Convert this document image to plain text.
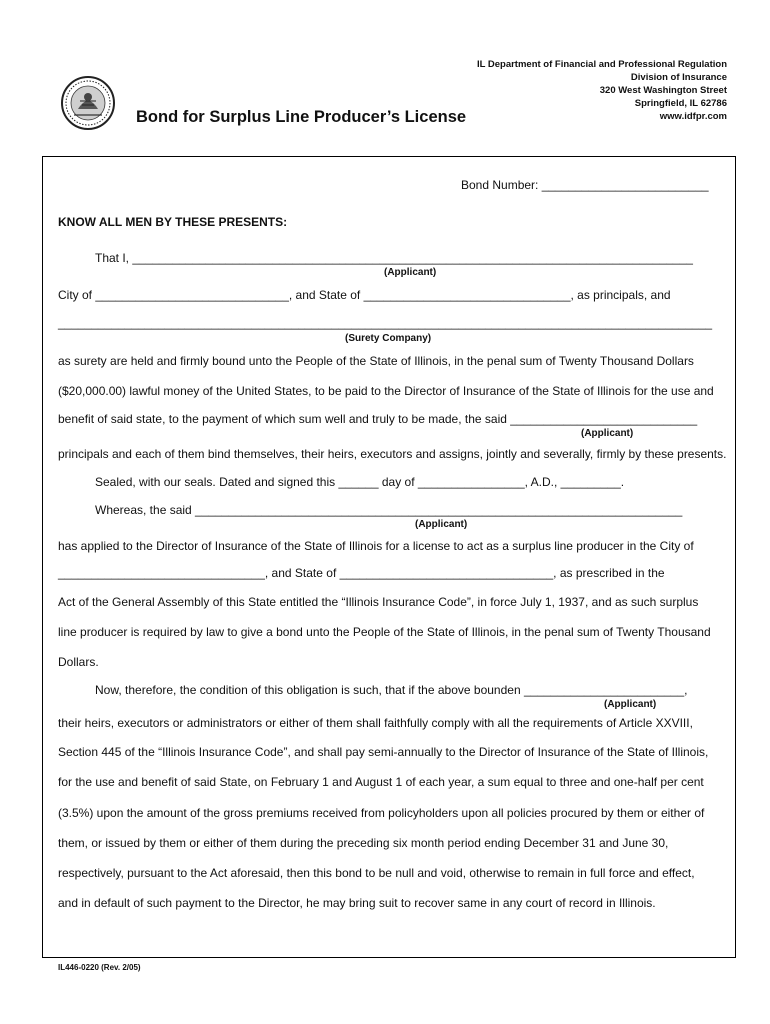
IL Department of Financial and Professional Regulation
Division of Insurance
320 West Washington Street
Springfield, IL 62786
www.idfpr.com
Bond for Surplus Line Producer’s License
Bond Number: _________________________
KNOW ALL MEN BY THESE PRESENTS:
That I, ____________________________________________________________________________________
(Applicant)
City of _____________________________, and State of _______________________________, as principals, and
__________________________________________________________________________________________________
(Surety Company)
as surety are held and firmly bound unto the People of the State of Illinois, in the penal sum of Twenty Thousand Dollars
($20,000.00) lawful money of the United States, to be paid to the Director of Insurance of the State of Illinois for the use and
benefit of said state, to the payment of which sum well and truly to be made, the said ____________________________
(Applicant)
principals and each of them bind themselves, their heirs, executors and assigns, jointly and severally, firmly by these presents.
Sealed, with our seals. Dated and signed this ______ day of ________________, A.D., _________.
Whereas, the said _________________________________________________________________________
(Applicant)
has applied to the Director of Insurance of the State of Illinois for a license to act as a surplus line producer in the City of
_______________________________, and State of ________________________________, as prescribed in the
Act of the General Assembly of this State entitled the “Illinois Insurance Code”, in force July 1, 1937, and as such surplus
line producer is required by law to give a bond unto the People of the State of Illinois, in the penal sum of Twenty Thousand
Dollars.
Now, therefore, the condition of this obligation is such, that if the above bounden ________________________,
(Applicant)
their heirs, executors or administrators or either of them shall faithfully comply with all the requirements of Article XXVIII,
Section 445 of the “Illinois Insurance Code”, and shall pay semi-annually to the Director of Insurance of the State of Illinois,
for the use and benefit of said State, on February 1 and August 1 of each year, a sum equal to three and one-half per cent
(3.5%) upon the amount of the gross premiums received from policyholders upon all policies procured by them or either of
them, or issued by them or either of them during the preceding six month period ending December 31 and June 30,
respectively, pursuant to the Act aforesaid, then this bond to be null and void, otherwise to remain in full force and effect,
and in default of such payment to the Director, he may bring suit to recover same in any court of record in Illinois.
IL446-0220 (Rev. 2/05)
